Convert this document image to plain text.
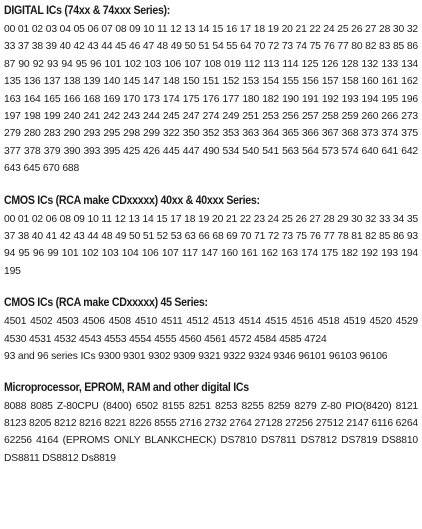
DIGITAL ICs (74xx & 74xxx Series):
00 01 02 03 04 05 06 07 08 09 10 11 12 13 14 15 16 17 18 19 20 21 22 24 25 26 27 28 30 32 33 37 38 39 40 42 43 44 45 46 47 48 49 50 51 54 55 64 70 72 73 74 75 76 77 80 82 83 85 86 87 90 92 93 94 95 96 101 102 103 106 107 108 019 112 113 114 125 126 128 132 133 134 135 136 137 138 139 140 145 147 148 150 151 152 153 154 155 156 157 158 160 161 162 163 164 165 166 168 169 170 173 174 175 176 177 180 182 190 191 192 193 194 195 196 197 198 199 240 241 242 243 244 245 247 274 249 251 253 256 257 258 259 260 266 273 279 280 283 290 293 295 298 299 322 350 352 353 363 364 365 366 367 368 373 374 375 377 378 379 390 393 395 425 426 445 447 490 534 540 541 563 564 573 574 640 641 642 643 645 670 688
CMOS ICs (RCA make CDxxxxx) 40xx & 40xxx Series:
00 01 02 06 08 09 10 11 12 13 14 15 17 18 19 20 21 22 23 24 25 26 27 28 29 30 32 33 34 35 37 38 40 41 42 43 44 48 49 50 51 52 53 63 66 68 69 70 71 72 73 75 76 77 78 81 82 85 86 93 94 95 96 99 101 102 103 104 106 107 117 147 160 161 162 163 174 175 182 192 193 194 195
CMOS ICs (RCA make CDxxxxx) 45 Series:
4501 4502 4503 4506 4508 4510 4511 4512 4513 4514 4515 4516 4518 4519 4520 4529 4530 4531 4532 4543 4553 4554 4555 4560 4561 4572 4584 4585 4724
93 and 96 series ICs 9300 9301 9302 9309 9321 9322 9324 9346 96101 96103 96106
Microprocessor, EPROM, RAM and other digital ICs
8088 8085 Z-80CPU (8400) 6502 8155 8251 8253 8255 8259 8279 Z-80 PIO(8420) 8121 8123 8205 8212 8216 8221 8226 8555 2716 2732 2764 27128 27256 27512 2147 6116 6264 62256 4164 (EPROMS ONLY BLANKCHECK) DS7810 DS7811 DS7812 DS7819 DS8810 DS8811 DS8812 Ds8819
